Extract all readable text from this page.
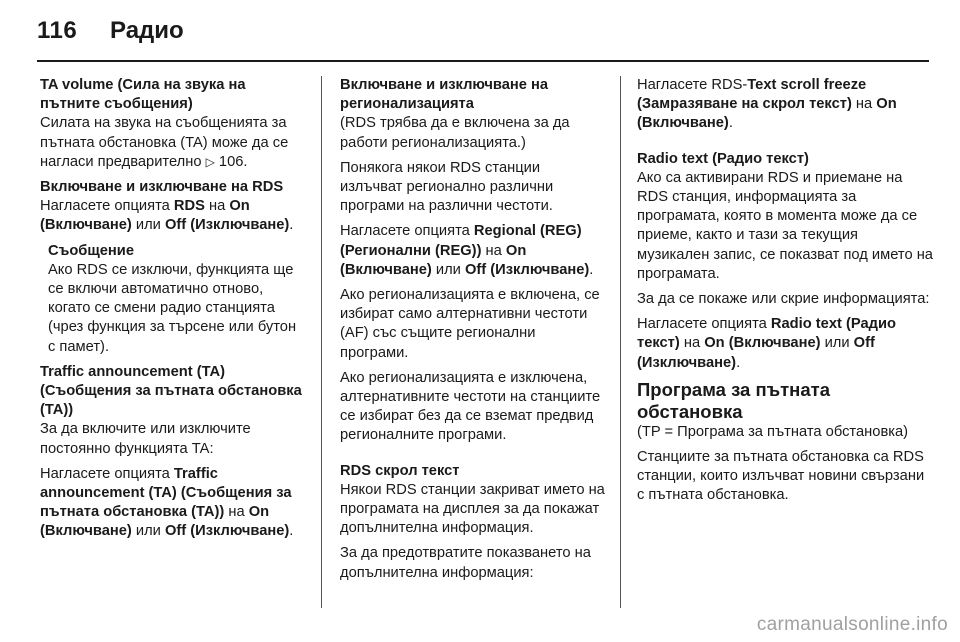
116 Радио

TA volume (Сила на звука на пътните съобщения)

Силата на звука на съобщенията за пътната обстановка (TA) може да се нагласи предварително ▷ 106.

Включване и изключване на RDS

Нагласете опцията RDS на On (Включване) или Off (Изключване).

Съобщение

Ако RDS се изключи, функцията ще се включи автоматично отново, когато се смени радио станцията (чрез функция за търсене или бутон с памет).

Traffic announcement (TA) (Съобщения за пътната обстановка (TA))

За да включите или изключите постоянно функцията TA:

Нагласете опцията Traffic announcement (TA) (Съобщения за пътната обстановка (TA)) на On (Включване) или Off (Изключване).

Включване и изключване на регионализацията

(RDS трябва да е включена за да работи регионализацията.)

Понякога някои RDS станции излъчват регионално различни програми на различни честоти.

Нагласете опцията Regional (REG) (Регионални (REG)) на On (Включване) или Off (Изключване).

Ако регионализацията е включена, се избират само алтернативни честоти (AF) със същите регионални програми.

Ако регионализацията е изключена, алтернативните честоти на станциите се избират без да се вземат предвид регионалните програми.

RDS скрол текст

Някои RDS станции закриват името на програмата на дисплея за да покажат допълнителна информация.

За да предотвратите показването на допълнителна информация:

Нагласете RDS-Text scroll freeze (Замразяване на скрол текст) на On (Включване).

Radio text (Радио текст)

Ако са активирани RDS и приемане на RDS станция, информацията за програмата, която в момента може да се приеме, както и тази за текущия музикален запис, се показват под името на програмата.

За да се покаже или скрие информацията:

Нагласете опцията Radio text (Радио текст) на On (Включване) или Off (Изключване).

Програма за пътната обстановка

(TP = Програма за пътната обстановка)

Станциите за пътната обстановка са RDS станции, които излъчват новини свързани с пътната обстановка.

carmanualsonline.info
